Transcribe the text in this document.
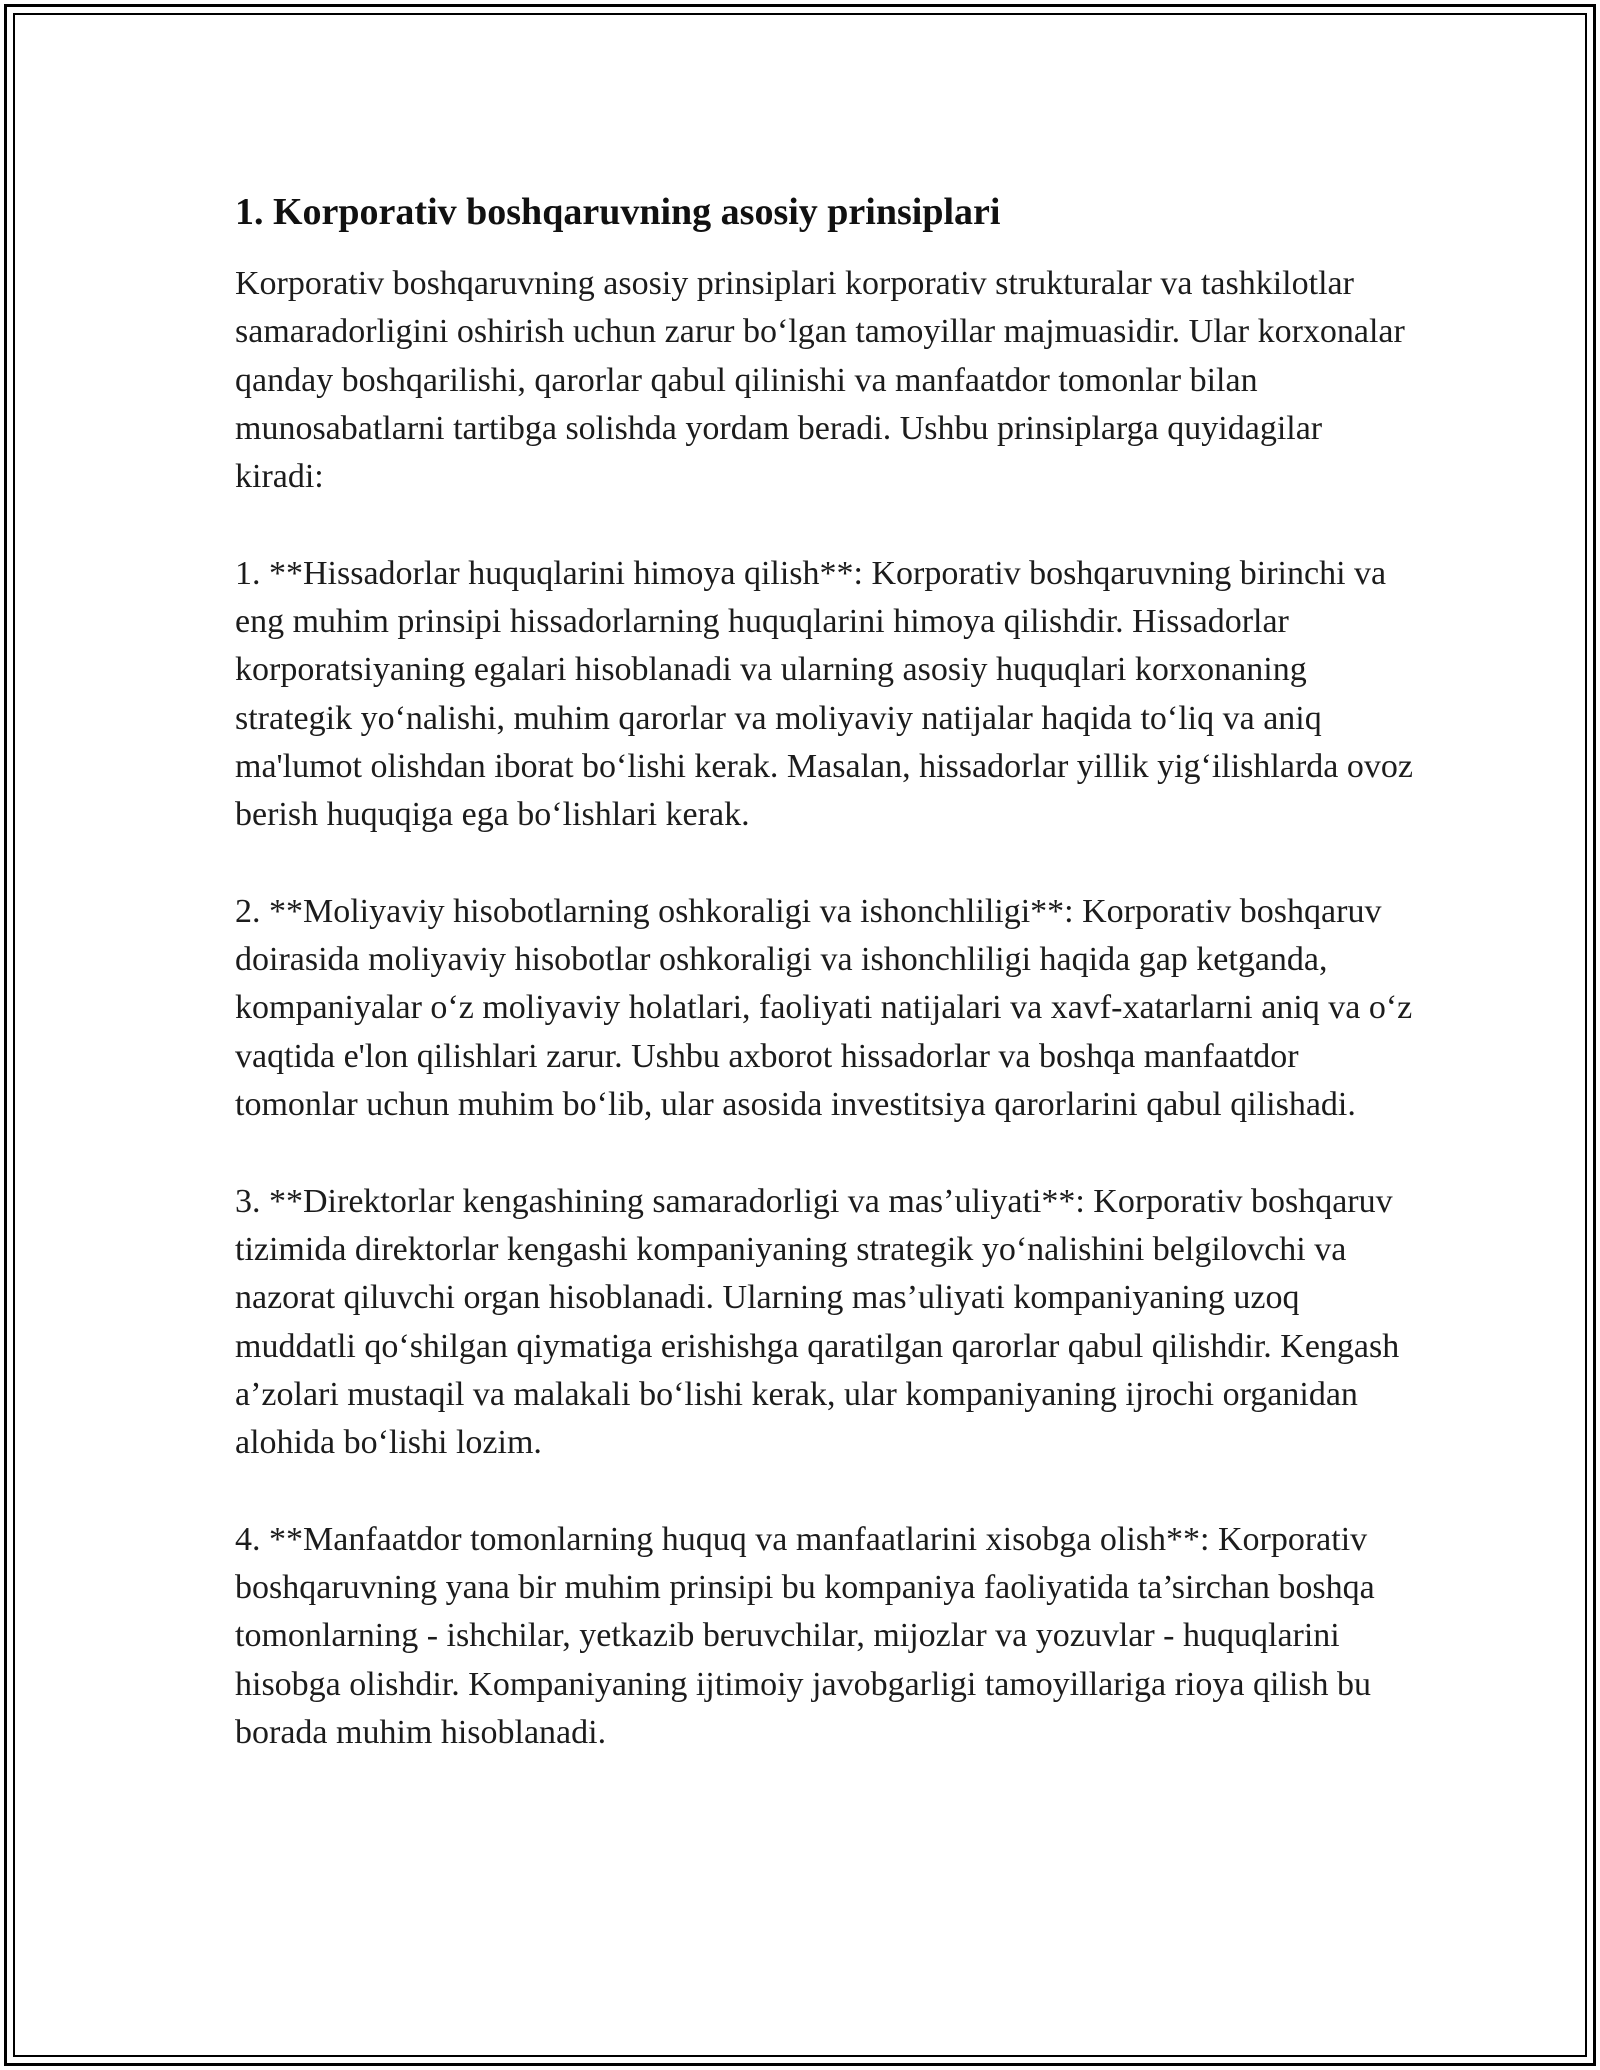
1. Korporativ boshqaruvning asosiy prinsiplari

Korporativ boshqaruvning asosiy prinsiplari korporativ strukturalar va tashkilotlar samaradorligini oshirish uchun zarur boʻlgan tamoyillar majmuasidir. Ular korxonalar qanday boshqarilishi, qarorlar qabul qilinishi va manfaatdor tomonlar bilan munosabatlarni tartibga solishda yordam beradi. Ushbu prinsiplarga quyidagilar kiradi:

1. **Hissadorlar huquqlarini himoya qilish**: Korporativ boshqaruvning birinchi va eng muhim prinsipi hissadorlarning huquqlarini himoya qilishdir. Hissadorlar korporatsiyaning egalari hisoblanadi va ularning asosiy huquqlari korxonaning strategik yoʻnalishi, muhim qarorlar va moliyaviy natijalar haqida toʻliq va aniq ma'lumot olishdan iborat boʻlishi kerak. Masalan, hissadorlar yillik yigʻilishlarda ovoz berish huquqiga ega boʻlishlari kerak.

2. **Moliyaviy hisobotlarning oshkoraligi va ishonchliligi**: Korporativ boshqaruv doirasida moliyaviy hisobotlar oshkoraligi va ishonchliligi haqida gap ketganda, kompaniyalar oʻz moliyaviy holatlari, faoliyati natijalari va xavf-xatarlarni aniq va oʻz vaqtida e'lon qilishlari zarur. Ushbu axborot hissadorlar va boshqa manfaatdor tomonlar uchun muhim boʻlib, ular asosida investitsiya qarorlarini qabul qilishadi.

3. **Direktorlar kengashining samaradorligi va mas’uliyati**: Korporativ boshqaruv tizimida direktorlar kengashi kompaniyaning strategik yoʻnalishini belgilovchi va nazorat qiluvchi organ hisoblanadi. Ularning mas’uliyati kompaniyaning uzoq muddatli qoʻshilgan qiymatiga erishishga qaratilgan qarorlar qabul qilishdir. Kengash a’zolari mustaqil va malakali boʻlishi kerak, ular kompaniyaning ijrochi organidan alohida boʻlishi lozim.

4. **Manfaatdor tomonlarning huquq va manfaatlarini xisobga olish**: Korporativ boshqaruvning yana bir muhim prinsipi bu kompaniya faoliyatida ta’sirchan boshqa tomonlarning - ishchilar, yetkazib beruvchilar, mijozlar va yozuvlar - huquqlarini hisobga olishdir. Kompaniyaning ijtimoiy javobgarligi tamoyillariga rioya qilish bu borada muhim hisoblanadi.
